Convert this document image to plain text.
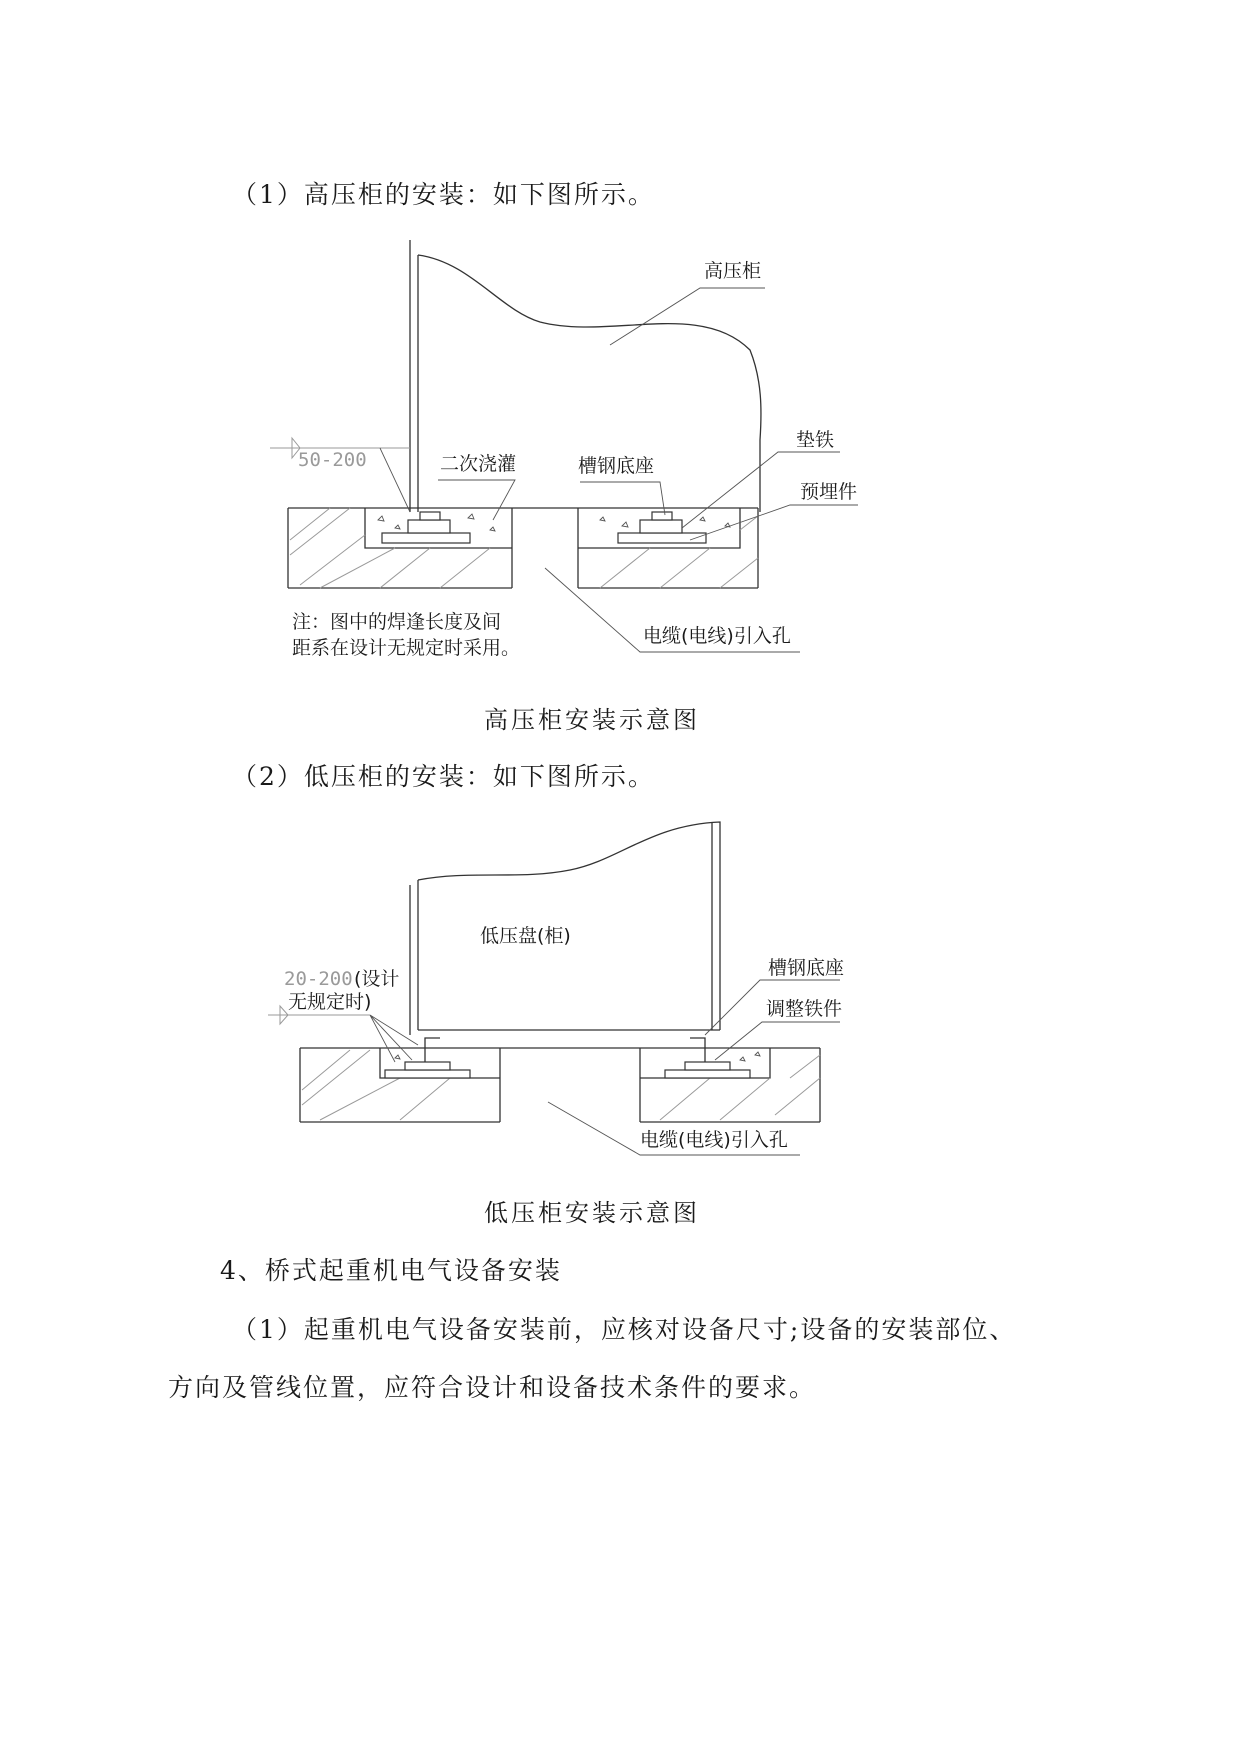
（1）高压柜的安装：如下图所示。
高压柜安装示意图
（2）低压柜的安装：如下图所示。
低压柜安装示意图
4、桥式起重机电气设备安装
（1）起重机电气设备安装前，应核对设备尺寸;设备的安装部位、
方向及管线位置，应符合设计和设备技术条件的要求。
50-200
高压柜
二次浇灌	槽钢底座
垫铁
预埋件
电缆(电线)引入孔
注：图中的焊逢长度及间
距系在设计无规定时采用。
20-200 (设计
无规定时)
低压盘(柜)
槽钢底座
调整铁件
电缆(电线)引入孔
